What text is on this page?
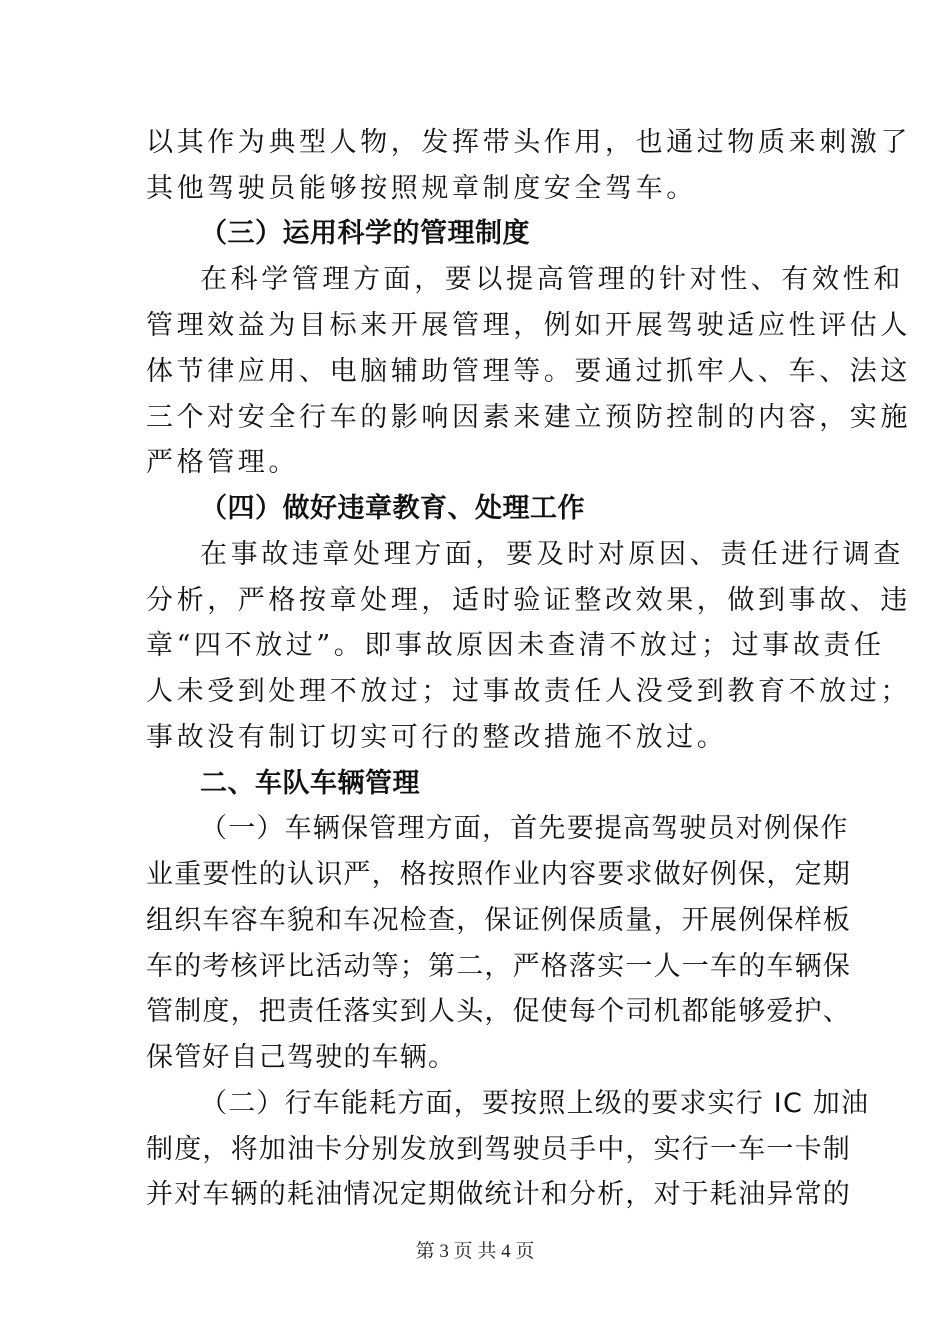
以其作为典型人物，发挥带头作用，也通过物质来刺激了
其他驾驶员能够按照规章制度安全驾车。
（三）运用科学的管理制度
在科学管理方面，要以提高管理的针对性、有效性和
管理效益为目标来开展管理，例如开展驾驶适应性评估人
体节律应用、电脑辅助管理等。要通过抓牢人、车、法这
三个对安全行车的影响因素来建立预防控制的内容，实施
严格管理。
（四）做好违章教育、处理工作
在事故违章处理方面，要及时对原因、责任进行调查
分析，严格按章处理，适时验证整改效果，做到事故、违
章“四不放过”。即事故原因未查清不放过；过事故责任
人未受到处理不放过；过事故责任人没受到教育不放过；
事故没有制订切实可行的整改措施不放过。
二、车队车辆管理
（一）车辆保管理方面，首先要提高驾驶员对例保作
业重要性的认识严，格按照作业内容要求做好例保，定期
组织车容车貌和车况检查，保证例保质量，开展例保样板
车的考核评比活动等；第二，严格落实一人一车的车辆保
管制度，把责任落实到人头，促使每个司机都能够爱护、
保管好自己驾驶的车辆。
（二）行车能耗方面，要按照上级的要求实行 IC 加油
制度，将加油卡分别发放到驾驶员手中，实行一车一卡制
并对车辆的耗油情况定期做统计和分析，对于耗油异常的
第 3 页 共 4 页
